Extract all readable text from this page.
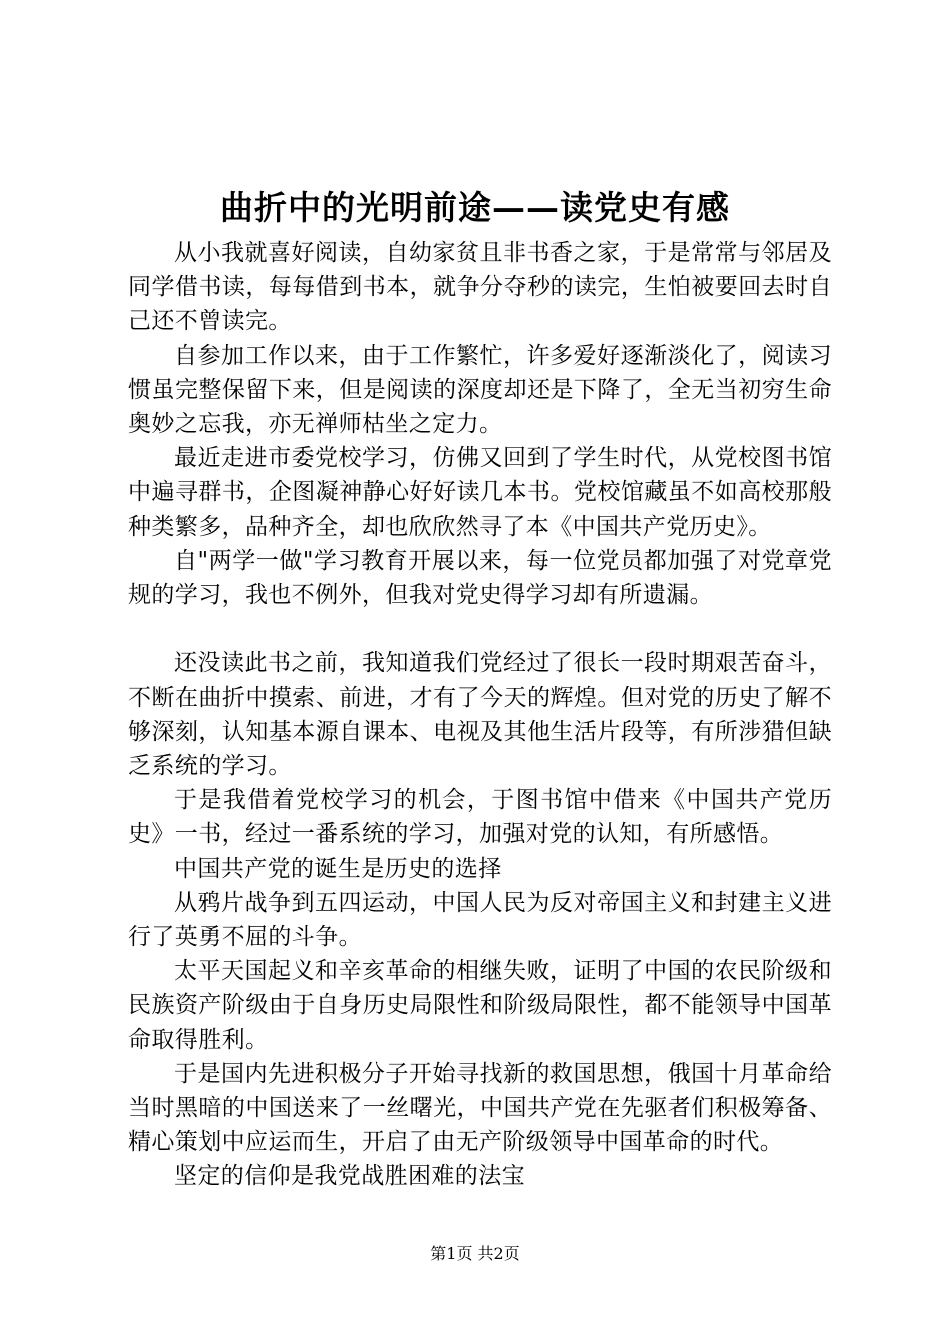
曲折中的光明前途——读党史有感

从小我就喜好阅读，自幼家贫且非书香之家，于是常常与邻居及同学借书读，每每借到书本，就争分夺秒的读完，生怕被要回去时自己还不曾读完。

自参加工作以来，由于工作繁忙，许多爱好逐渐淡化了，阅读习惯虽完整保留下来，但是阅读的深度却还是下降了，全无当初穷生命奥妙之忘我，亦无禅师枯坐之定力。

最近走进市委党校学习，仿佛又回到了学生时代，从党校图书馆中遍寻群书，企图凝神静心好好读几本书。党校馆藏虽不如高校那般种类繁多，品种齐全，却也欣欣然寻了本《中国共产党历史》。

自"两学一做"学习教育开展以来，每一位党员都加强了对党章党规的学习，我也不例外，但我对党史得学习却有所遗漏。

还没读此书之前，我知道我们党经过了很长一段时期艰苦奋斗，不断在曲折中摸索、前进，才有了今天的辉煌。但对党的历史了解不够深刻，认知基本源自课本、电视及其他生活片段等，有所涉猎但缺乏系统的学习。

于是我借着党校学习的机会，于图书馆中借来《中国共产党历史》一书，经过一番系统的学习，加强对党的认知，有所感悟。

中国共产党的诞生是历史的选择

从鸦片战争到五四运动，中国人民为反对帝国主义和封建主义进行了英勇不屈的斗争。

太平天国起义和辛亥革命的相继失败，证明了中国的农民阶级和民族资产阶级由于自身历史局限性和阶级局限性，都不能领导中国革命取得胜利。

于是国内先进积极分子开始寻找新的救国思想，俄国十月革命给当时黑暗的中国送来了一丝曙光，中国共产党在先驱者们积极筹备、精心策划中应运而生，开启了由无产阶级领导中国革命的时代。

坚定的信仰是我党战胜困难的法宝

第1页 共2页
